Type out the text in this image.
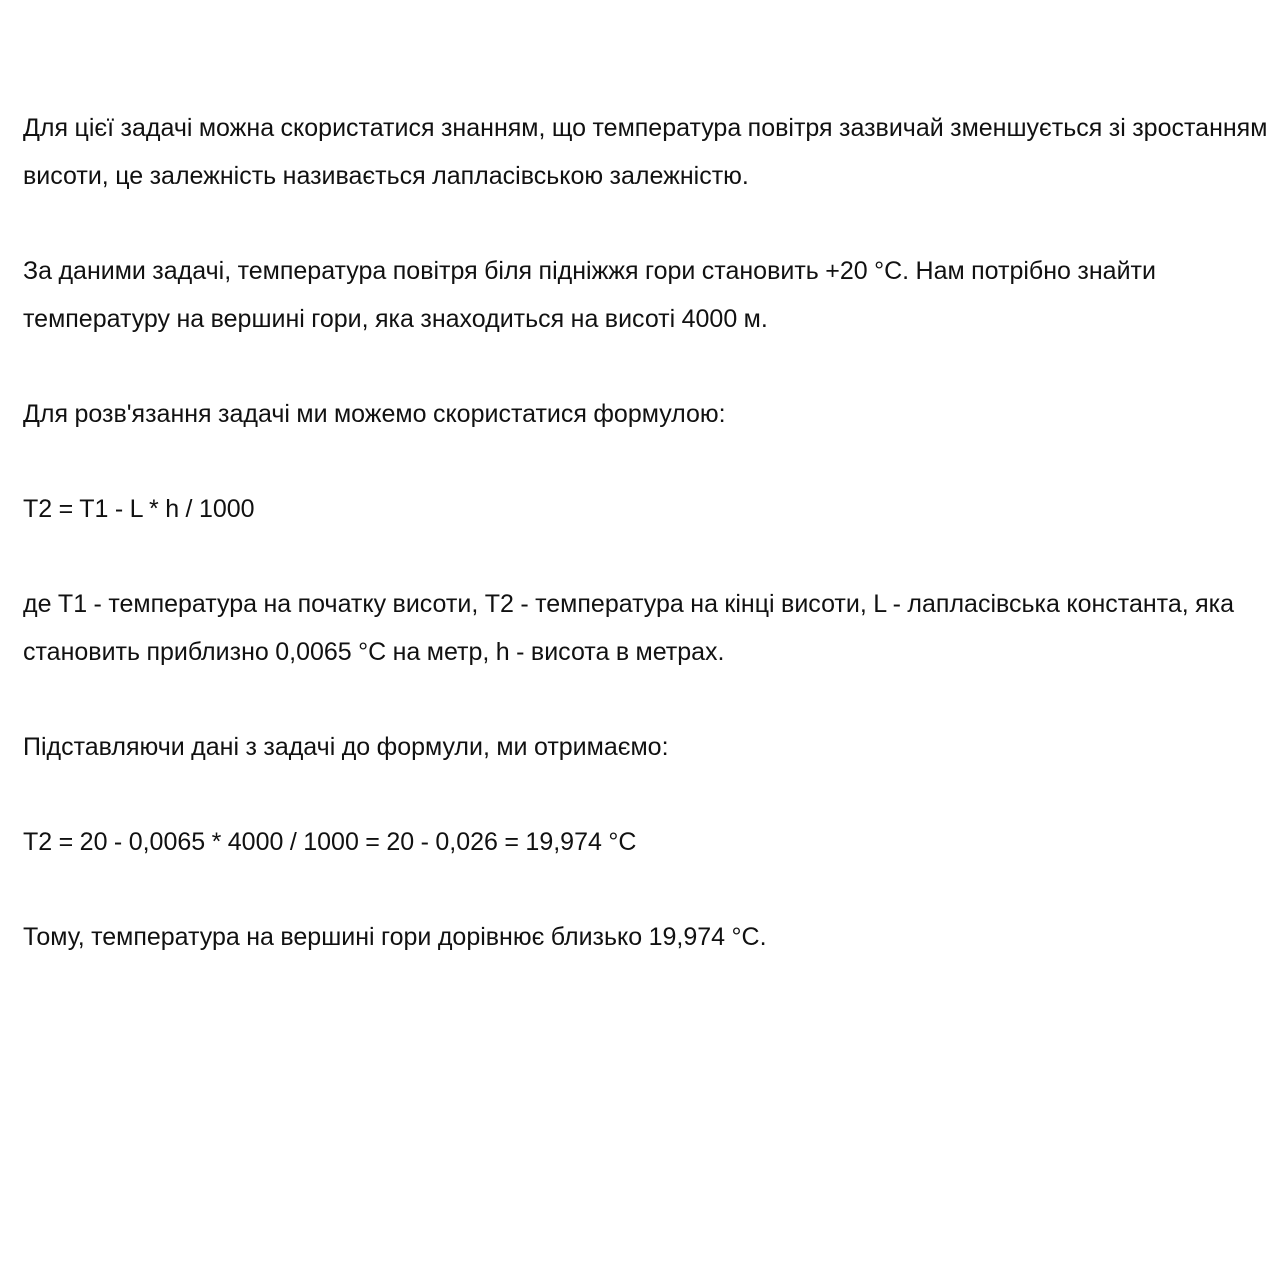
Для цієї задачі можна скористатися знанням, що температура повітря зазвичай зменшується зі зростанням висоти, це залежність називається лапласівською залежністю.

За даними задачі, температура повітря біля підніжжя гори становить +20 °C. Нам потрібно знайти температуру на вершині гори, яка знаходиться на висоті 4000 м.

Для розв'язання задачі ми можемо скористатися формулою:

T2 = T1 - L * h / 1000

де T1 - температура на початку висоти, T2 - температура на кінці висоти, L - лапласівська константа, яка становить приблизно 0,0065 °C на метр, h - висота в метрах.

Підставляючи дані з задачі до формули, ми отримаємо:

T2 = 20 - 0,0065 * 4000 / 1000 = 20 - 0,026 = 19,974 °C

Тому, температура на вершині гори дорівнює близько 19,974 °C.
